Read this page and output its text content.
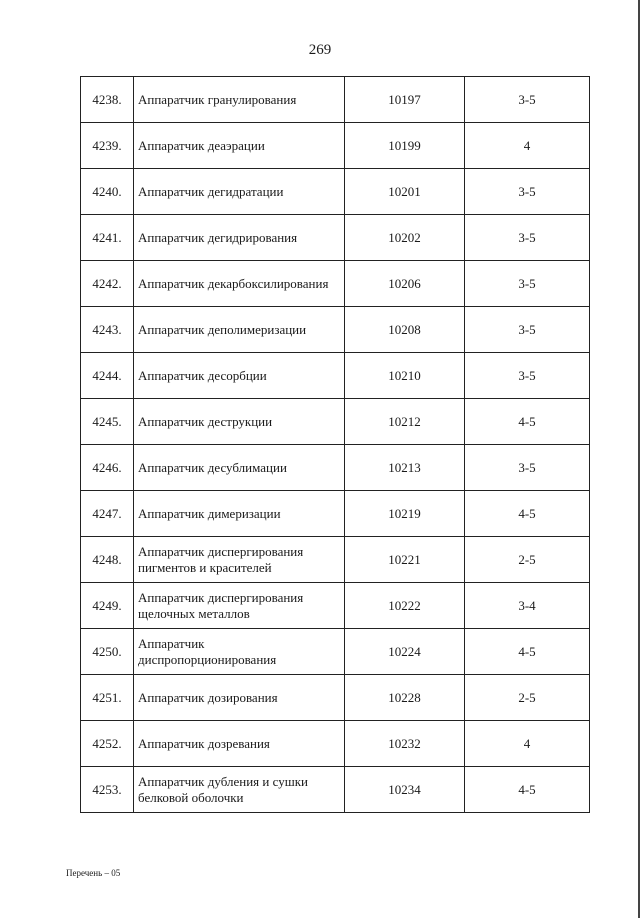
269
4238.	Аппаратчик гранулирования	10197	3-5
4239.	Аппаратчик деаэрации	10199	4
4240.	Аппаратчик дегидратации	10201	3-5
4241.	Аппаратчик дегидрирования	10202	3-5
4242.	Аппаратчик декарбоксилирования	10206	3-5
4243.	Аппаратчик деполимеризации	10208	3-5
4244.	Аппаратчик десорбции	10210	3-5
4245.	Аппаратчик деструкции	10212	4-5
4246.	Аппаратчик десублимации	10213	3-5
4247.	Аппаратчик димеризации	10219	4-5
4248.	Аппаратчик диспергирования пигментов и красителей	10221	2-5
4249.	Аппаратчик диспергирования щелочных металлов	10222	3-4
4250.	Аппаратчик диспропорционирования	10224	4-5
4251.	Аппаратчик дозирования	10228	2-5
4252.	Аппаратчик дозревания	10232	4
4253.	Аппаратчик дубления и сушки белковой оболочки	10234	4-5
Перечень – 05
